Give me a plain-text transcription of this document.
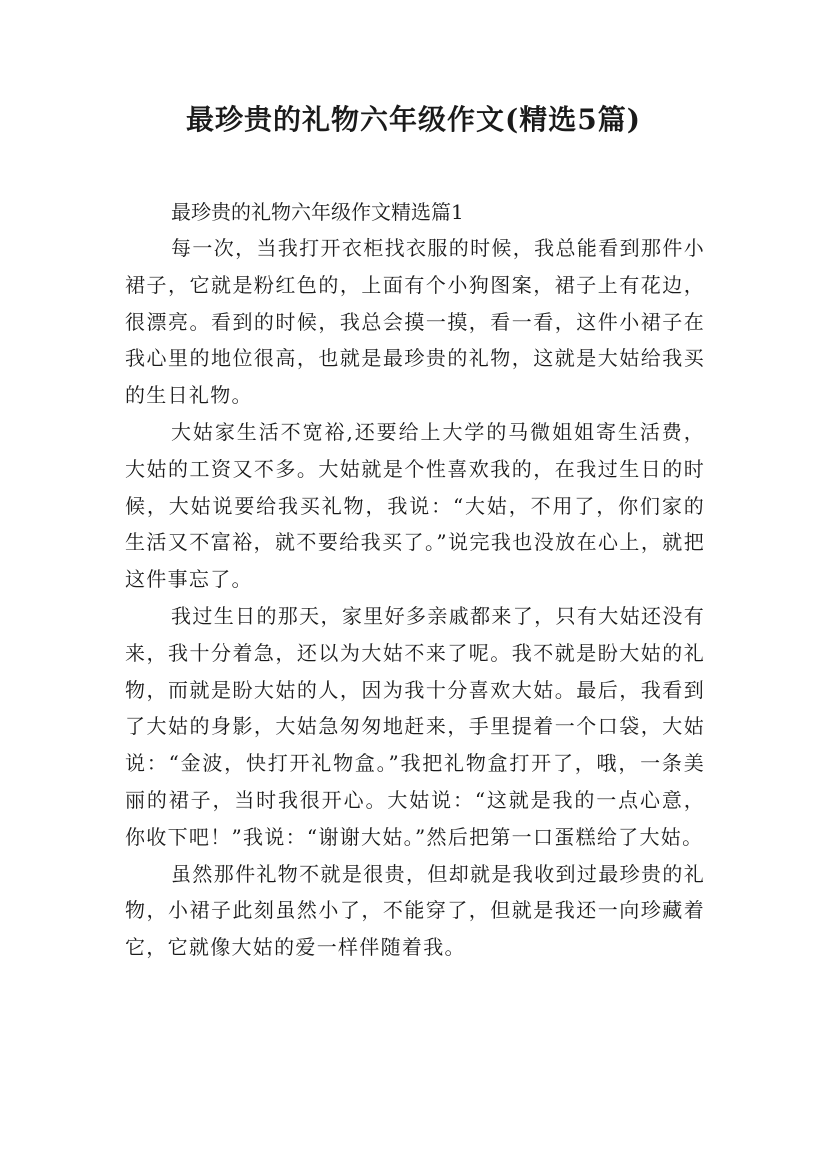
最珍贵的礼物六年级作文(精选5篇)

最珍贵的礼物六年级作文精选篇1

每一次，当我打开衣柜找衣服的时候，我总能看到那件小裙子，它就是粉红色的，上面有个小狗图案，裙子上有花边，很漂亮。看到的时候，我总会摸一摸，看一看，这件小裙子在我心里的地位很高，也就是最珍贵的礼物，这就是大姑给我买的生日礼物。

大姑家生活不宽裕,还要给上大学的马微姐姐寄生活费，大姑的工资又不多。大姑就是个性喜欢我的，在我过生日的时候，大姑说要给我买礼物，我说：“大姑，不用了，你们家的生活又不富裕，就不要给我买了。”说完我也没放在心上，就把这件事忘了。

我过生日的那天，家里好多亲戚都来了，只有大姑还没有来，我十分着急，还以为大姑不来了呢。我不就是盼大姑的礼物，而就是盼大姑的人，因为我十分喜欢大姑。最后，我看到了大姑的身影，大姑急匆匆地赶来，手里提着一个口袋，大姑说：“金波，快打开礼物盒。”我把礼物盒打开了，哦，一条美丽的裙子，当时我很开心。大姑说：“这就是我的一点心意，你收下吧！”我说：“谢谢大姑。”然后把第一口蛋糕给了大姑。

虽然那件礼物不就是很贵，但却就是我收到过最珍贵的礼物，小裙子此刻虽然小了，不能穿了，但就是我还一向珍藏着它，它就像大姑的爱一样伴随着我。
